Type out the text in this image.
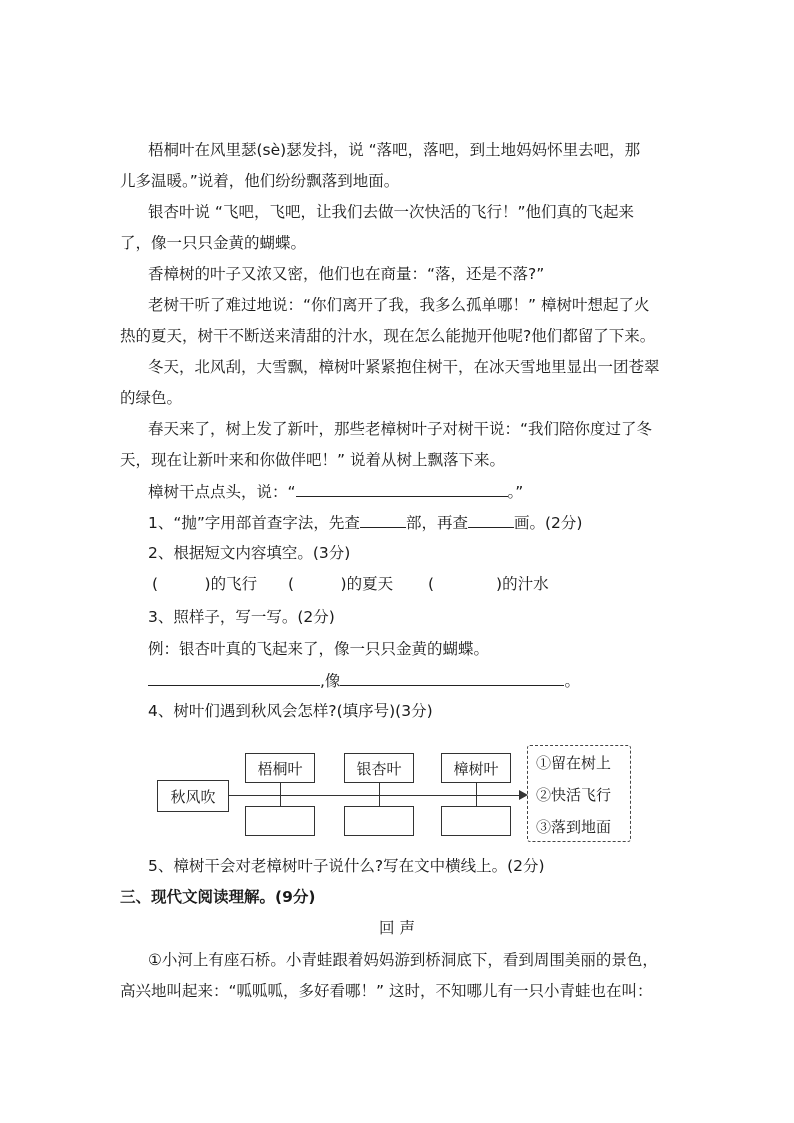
梧桐叶在风里瑟(sè)瑟发抖，说 “落吧，落吧，到土地妈妈怀里去吧，那
儿多温暖。”说着，他们纷纷飘落到地面。
银杏叶说 “飞吧，飞吧，让我们去做一次快活的飞行！”他们真的飞起来
了，像一只只金黄的蝴蝶。
香樟树的叶子又浓又密，他们也在商量：“落，还是不落?”
老树干听了难过地说：“你们离开了我，我多么孤单哪！” 樟树叶想起了火
热的夏天，树干不断送来清甜的汁水，现在怎么能抛开他呢?他们都留了下来。
冬天，北风刮，大雪飘，樟树叶紧紧抱住树干，在冰天雪地里显出一团苍翠
的绿色。
春天来了，树上发了新叶，那些老樟树叶子对树干说：“我们陪你度过了冬
天，现在让新叶来和你做伴吧！” 说着从树上飘落下来。
樟树干点点头，说：“	。”
1、“抛”字用部首查字法，先查	部，再查	画。(2分)
2、根据短文内容填空。(3分)
(　　　)的飞行 (　　　)的夏天 (　　　　)的汁水
3、照样子，写一写。(2分)
例：银杏叶真的飞起来了，像一只只金黄的蝴蝶。
,像	。
4、树叶们遇到秋风会怎样?(填序号)(3分)
秋风吹
梧桐叶	银杏叶	樟树叶	①留在树上
②快活飞行
③落到地面
5、樟树干会对老樟树叶子说什么?写在文中横线上。(2分)
三、现代文阅读理解。(9分)
回 声
①小河上有座石桥。小青蛙跟着妈妈游到桥洞底下，看到周围美丽的景色，
高兴地叫起来：“呱呱呱，多好看哪！” 这时，不知哪儿有一只小青蛙也在叫：
